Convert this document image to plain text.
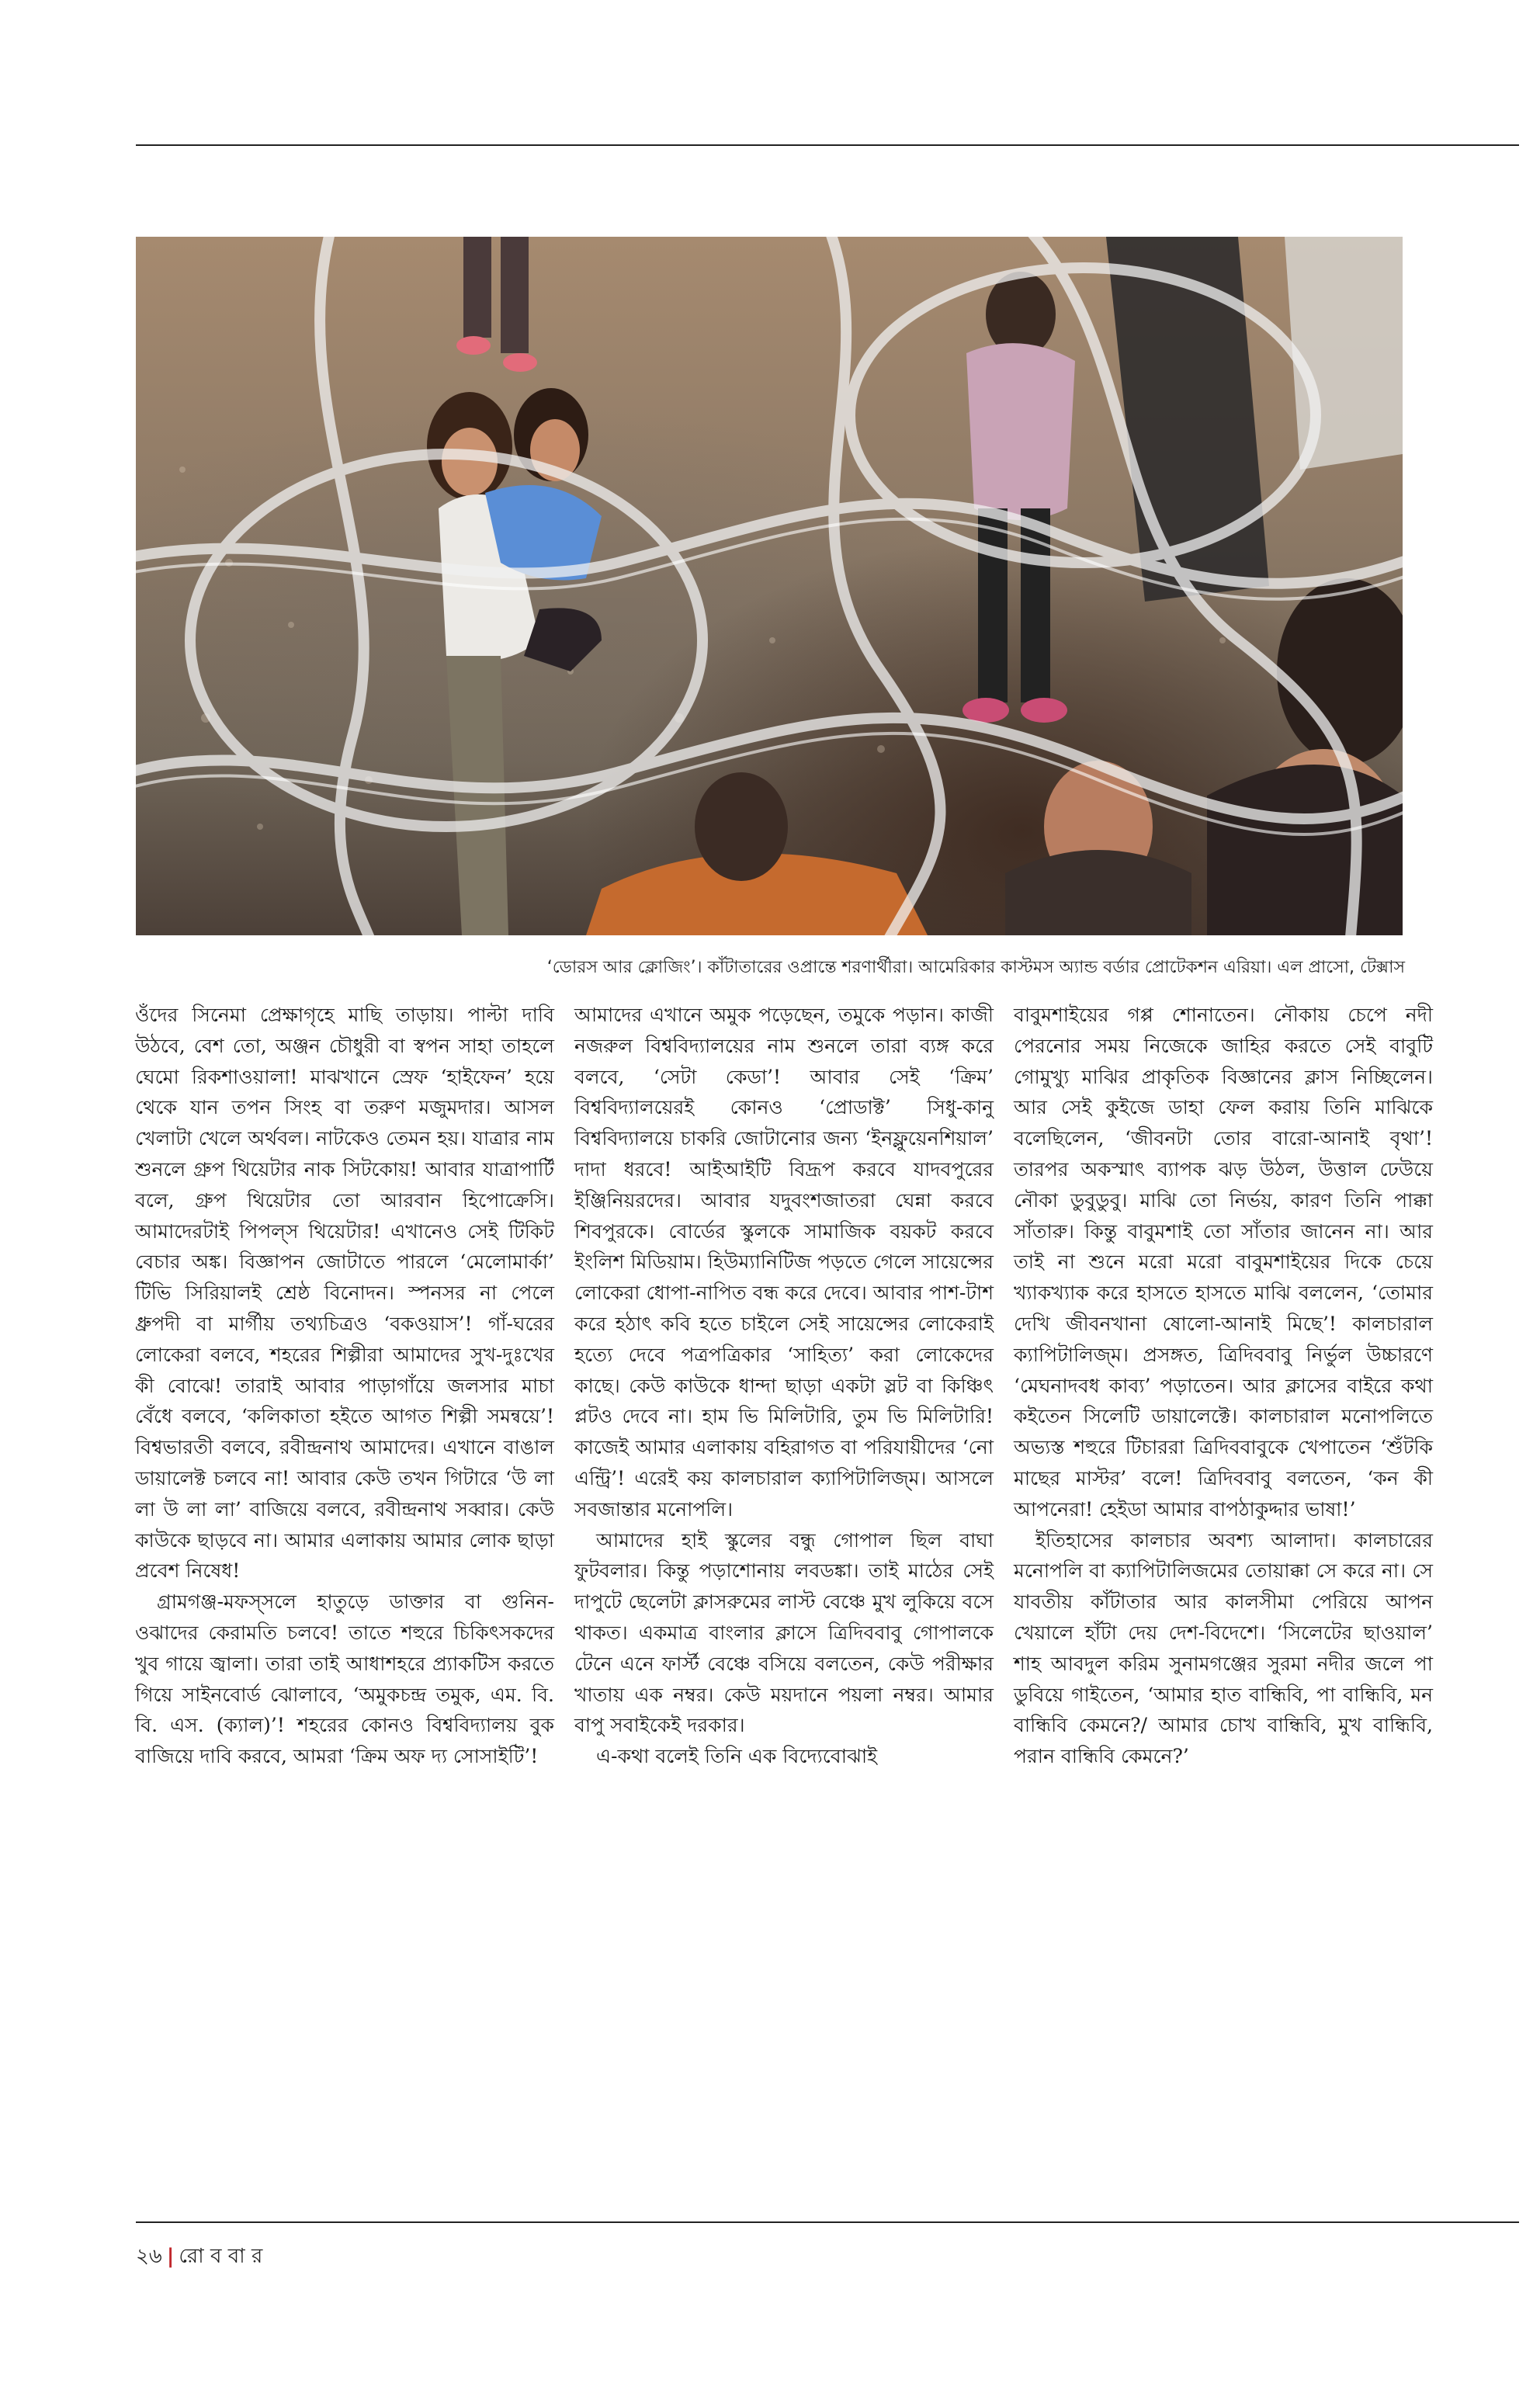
‘ডোরস আর ক্লোজিং’। কাঁটাতারের ওপ্রান্তে শরণার্থীরা। আমেরিকার কাস্টমস অ্যান্ড বর্ডার প্রোটেকশন এরিয়া। এল প্রাসো, টেক্সাস

ওঁদের সিনেমা প্রেক্ষাগৃহে মাছি তাড়ায়। পাল্টা দাবি উঠবে, বেশ তো, অঞ্জন চৌধুরী বা স্বপন সাহা তাহলে ঘেমো রিকশাওয়ালা! মাঝখানে স্রেফ ‘হাইফেন’ হয়ে থেকে যান তপন সিংহ বা তরুণ মজুমদার। আসল খেলাটা খেলে অর্থবল। নাটকেও তেমন হয়। যাত্রার নাম শুনলে গ্রুপ থিয়েটার নাক সিটকোয়! আবার যাত্রাপার্টি বলে, গ্রুপ থিয়েটার তো আরবান হিপোক্রেসি। আমাদেরটাই পিপল্‌স থিয়েটার! এখানেও সেই টিকিট বেচার অঙ্ক। বিজ্ঞাপন জোটাতে পারলে ‘মেলোমার্কা’ টিভি সিরিয়ালই শ্রেষ্ঠ বিনোদন। স্পনসর না পেলে ধ্রুপদী বা মার্গীয় তথ্যচিত্রও ‘বকওয়াস’! গাঁ-ঘরের লোকেরা বলবে, শহরের শিল্পীরা আমাদের সুখ-দুঃখের কী বোঝে! তারাই আবার পাড়াগাঁয়ে জলসার মাচা বেঁধে বলবে, ‘কলিকাতা হইতে আগত শিল্পী সমন্বয়ে’! বিশ্বভারতী বলবে, রবীন্দ্রনাথ আমাদের। এখানে বাঙাল ডায়ালেক্ট চলবে না! আবার কেউ তখন গিটারে ‘উ লা লা উ লা লা’ বাজিয়ে বলবে, রবীন্দ্রনাথ সব্বার। কেউ কাউকে ছাড়বে না। আমার এলাকায় আমার লোক ছাড়া প্রবেশ নিষেধ!

গ্রামগঞ্জ-মফস্‌সলে হাতুড়ে ডাক্তার বা গুনিন-ওঝাদের কেরামতি চলবে! তাতে শহুরে চিকিৎসকদের খুব গায়ে জ্বালা। তারা তাই আধাশহরে প্র্যাকটিস করতে গিয়ে সাইনবোর্ড ঝোলাবে, ‘অমুকচন্দ্র তমুক, এম. বি. বি. এস. (ক্যাল)’! শহরের কোনও বিশ্ববিদ্যালয় বুক বাজিয়ে দাবি করবে, আমরা ‘ক্রিম অফ দ্য সোসাইটি’!

আমাদের এখানে অমুক পড়েছেন, তমুকে পড়ান। কাজী নজরুল বিশ্ববিদ্যালয়ের নাম শুনলে তারা ব্যঙ্গ করে বলবে, ‘সেটা কেডা’! আবার সেই ‘ক্রিম’ বিশ্ববিদ্যালয়েরই কোনও ‘প্রোডাক্ট’ সিধু-কানু বিশ্ববিদ্যালয়ে চাকরি জোটানোর জন্য ‘ইনফ্লুয়েনশিয়াল’ দাদা ধরবে! আইআইটি বিদ্রূপ করবে যাদবপুরের ইঞ্জিনিয়রদের। আবার যদুবংশজাতরা ঘেন্না করবে শিবপুরকে। বোর্ডের স্কুলকে সামাজিক বয়কট করবে ইংলিশ মিডিয়াম। হিউম্যানিটিজ পড়তে গেলে সায়েন্সের লোকেরা ধোপা-নাপিত বন্ধ করে দেবে। আবার পাশ-টাশ করে হঠাৎ কবি হতে চাইলে সেই সায়েন্সের লোকেরাই হত্যে দেবে পত্রপত্রিকার ‘সাহিত্য’ করা লোকেদের কাছে। কেউ কাউকে ধান্দা ছাড়া একটা স্লট বা কিঞ্চিৎ প্লটও দেবে না। হাম ভি মিলিটারি, তুম ভি মিলিটারি! কাজেই আমার এলাকায় বহিরাগত বা পরিযায়ীদের ‘নো এন্ট্রি’! এরেই কয় কালচারাল ক্যাপিটালিজ্‌ম। আসলে সবজান্তার মনোপলি।

আমাদের হাই স্কুলের বন্ধু গোপাল ছিল বাঘা ফুটবলার। কিন্তু পড়াশোনায় লবডঙ্কা। তাই মাঠের সেই দাপুটে ছেলেটা ক্লাসরুমের লাস্ট বেঞ্চে মুখ লুকিয়ে বসে থাকত। একমাত্র বাংলার ক্লাসে ত্রিদিববাবু গোপালকে টেনে এনে ফার্স্ট বেঞ্চে বসিয়ে বলতেন, কেউ পরীক্ষার খাতায় এক নম্বর। কেউ ময়দানে পয়লা নম্বর। আমার বাপু সবাইকেই দরকার।

এ-কথা বলেই তিনি এক বিদ্যেবোঝাই

বাবুমশাইয়ের গপ্প শোনাতেন। নৌকায় চেপে নদী পেরনোর সময় নিজেকে জাহির করতে সেই বাবুটি গোমুখ্যু মাঝির প্রাকৃতিক বিজ্ঞানের ক্লাস নিচ্ছিলেন। আর সেই কুইজে ডাহা ফেল করায় তিনি মাঝিকে বলেছিলেন, ‘জীবনটা তোর বারো-আনাই বৃথা’! তারপর অকস্মাৎ ব্যাপক ঝড় উঠল, উত্তাল ঢেউয়ে নৌকা ডুবুডুবু। মাঝি তো নির্ভয়, কারণ তিনি পাক্কা সাঁতারু। কিন্তু বাবুমশাই তো সাঁতার জানেন না। আর তাই না শুনে মরো মরো বাবুমশাইয়ের দিকে চেয়ে খ্যাকখ্যাক করে হাসতে হাসতে মাঝি বললেন, ‘তোমার দেখি জীবনখানা ষোলো-আনাই মিছে’! কালচারাল ক্যাপিটালিজ্‌ম। প্রসঙ্গত, ত্রিদিববাবু নির্ভুল উচ্চারণে ‘মেঘনাদবধ কাব্য’ পড়াতেন। আর ক্লাসের বাইরে কথা কইতেন সিলেটি ডায়ালেক্টে। কালচারাল মনোপলিতে অভ্যস্ত শহুরে টিচাররা ত্রিদিববাবুকে খেপাতেন ‘শুঁটকি মাছের মাস্টর’ বলে! ত্রিদিববাবু বলতেন, ‘কন কী আপনেরা! হেইডা আমার বাপঠাকুদ্দার ভাষা!’

ইতিহাসের কালচার অবশ্য আলাদা। কালচারের মনোপলি বা ক্যাপিটালিজমের তোয়াক্কা সে করে না। সে যাবতীয় কাঁটাতার আর কালসীমা পেরিয়ে আপন খেয়ালে হাঁটা দেয় দেশ-বিদেশে। ‘সিলেটের ছাওয়াল’ শাহ আবদুল করিম সুনামগঞ্জের সুরমা নদীর জলে পা ডুবিয়ে গাইতেন, ‘আমার হাত বান্ধিবি, পা বান্ধিবি, মন বান্ধিবি কেমনে?/ আমার চোখ বান্ধিবি, মুখ বান্ধিবি, পরান বান্ধিবি কেমনে?’

২৬ | রো ব বা র
